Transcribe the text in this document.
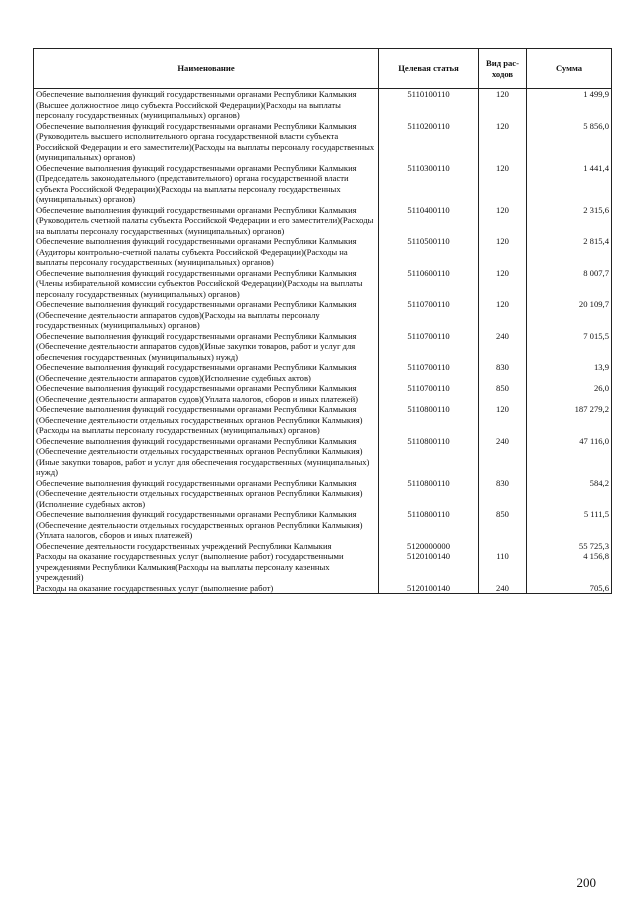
Наименование	Целевая статья	Вид рас-ходов	Сумма
Обеспечение выполнения функций государственными органами Республики Калмыкия (Высшее должностное лицо субъекта Российской Федерации)(Расходы на выплаты персоналу государственных (муниципальных) органов)	5110100110	120	1 499,9
Обеспечение выполнения функций государственными органами Республики Калмыкия (Руководитель высшего исполнительного органа государственной власти субъекта Российской Федерации и его заместители)(Расходы на выплаты персоналу государственных (муниципальных) органов)	5110200110	120	5 856,0
Обеспечение выполнения функций государственными органами Республики Калмыкия (Председатель законодательного (представительного) органа государственной власти субъекта Российской Федерации)(Расходы на выплаты персоналу государственных (муниципальных) органов)	5110300110	120	1 441,4
Обеспечение выполнения функций государственными органами Республики Калмыкия (Руководитель счетной палаты субъекта Российской Федерации и его заместители)(Расходы на выплаты персоналу государственных (муниципальных) органов)	5110400110	120	2 315,6
Обеспечение выполнения функций государственными органами Республики Калмыкия (Аудиторы контрольно-счетной палаты субъекта Российской Федерации)(Расходы на выплаты персоналу государственных (муниципальных) органов)	5110500110	120	2 815,4
Обеспечение выполнения функций государственными органами Республики Калмыкия (Члены избирательной комиссии субъектов Российской Федерации)(Расходы на выплаты персоналу государственных (муниципальных) органов)	5110600110	120	8 007,7
Обеспечение выполнения функций государственными органами Республики Калмыкия (Обеспечение деятельности аппаратов судов)(Расходы на выплаты персоналу государственных (муниципальных) органов)	5110700110	120	20 109,7
Обеспечение выполнения функций государственными органами Республики Калмыкия (Обеспечение деятельности аппаратов судов)(Иные закупки товаров, работ и услуг для обеспечения государственных (муниципальных) нужд)	5110700110	240	7 015,5
Обеспечение выполнения функций государственными органами Республики Калмыкия (Обеспечение деятельности аппаратов судов)(Исполнение судебных актов)	5110700110	830	13,9
Обеспечение выполнения функций государственными органами Республики Калмыкия (Обеспечение деятельности аппаратов судов)(Уплата налогов, сборов и иных платежей)	5110700110	850	26,0
Обеспечение выполнения функций государственными органами Республики Калмыкия (Обеспечение деятельности отдельных государственных органов Республики Калмыкия)(Расходы на выплаты персоналу государственных (муниципальных) органов)	5110800110	120	187 279,2
Обеспечение выполнения функций государственными органами Республики Калмыкия (Обеспечение деятельности отдельных государственных органов Республики Калмыкия)(Иные закупки товаров, работ и услуг для обеспечения государственных (муниципальных) нужд)	5110800110	240	47 116,0
Обеспечение выполнения функций государственными органами Республики Калмыкия (Обеспечение деятельности отдельных государственных органов Республики Калмыкия)(Исполнение судебных актов)	5110800110	830	584,2
Обеспечение выполнения функций государственными органами Республики Калмыкия (Обеспечение деятельности отдельных государственных органов Республики Калмыкия)(Уплата налогов, сборов и иных платежей)	5110800110	850	5 111,5
Обеспечение деятельности государственных учреждений Республики Калмыкия	5120000000		55 725,3
Расходы на оказание государственных услуг (выполнение работ) государственными учреждениями Республики Калмыкия(Расходы на выплаты персоналу казенных учреждений)	5120100140	110	4 156,8
Расходы на оказание государственных услуг (выполнение работ)	5120100140	240	705,6
200
